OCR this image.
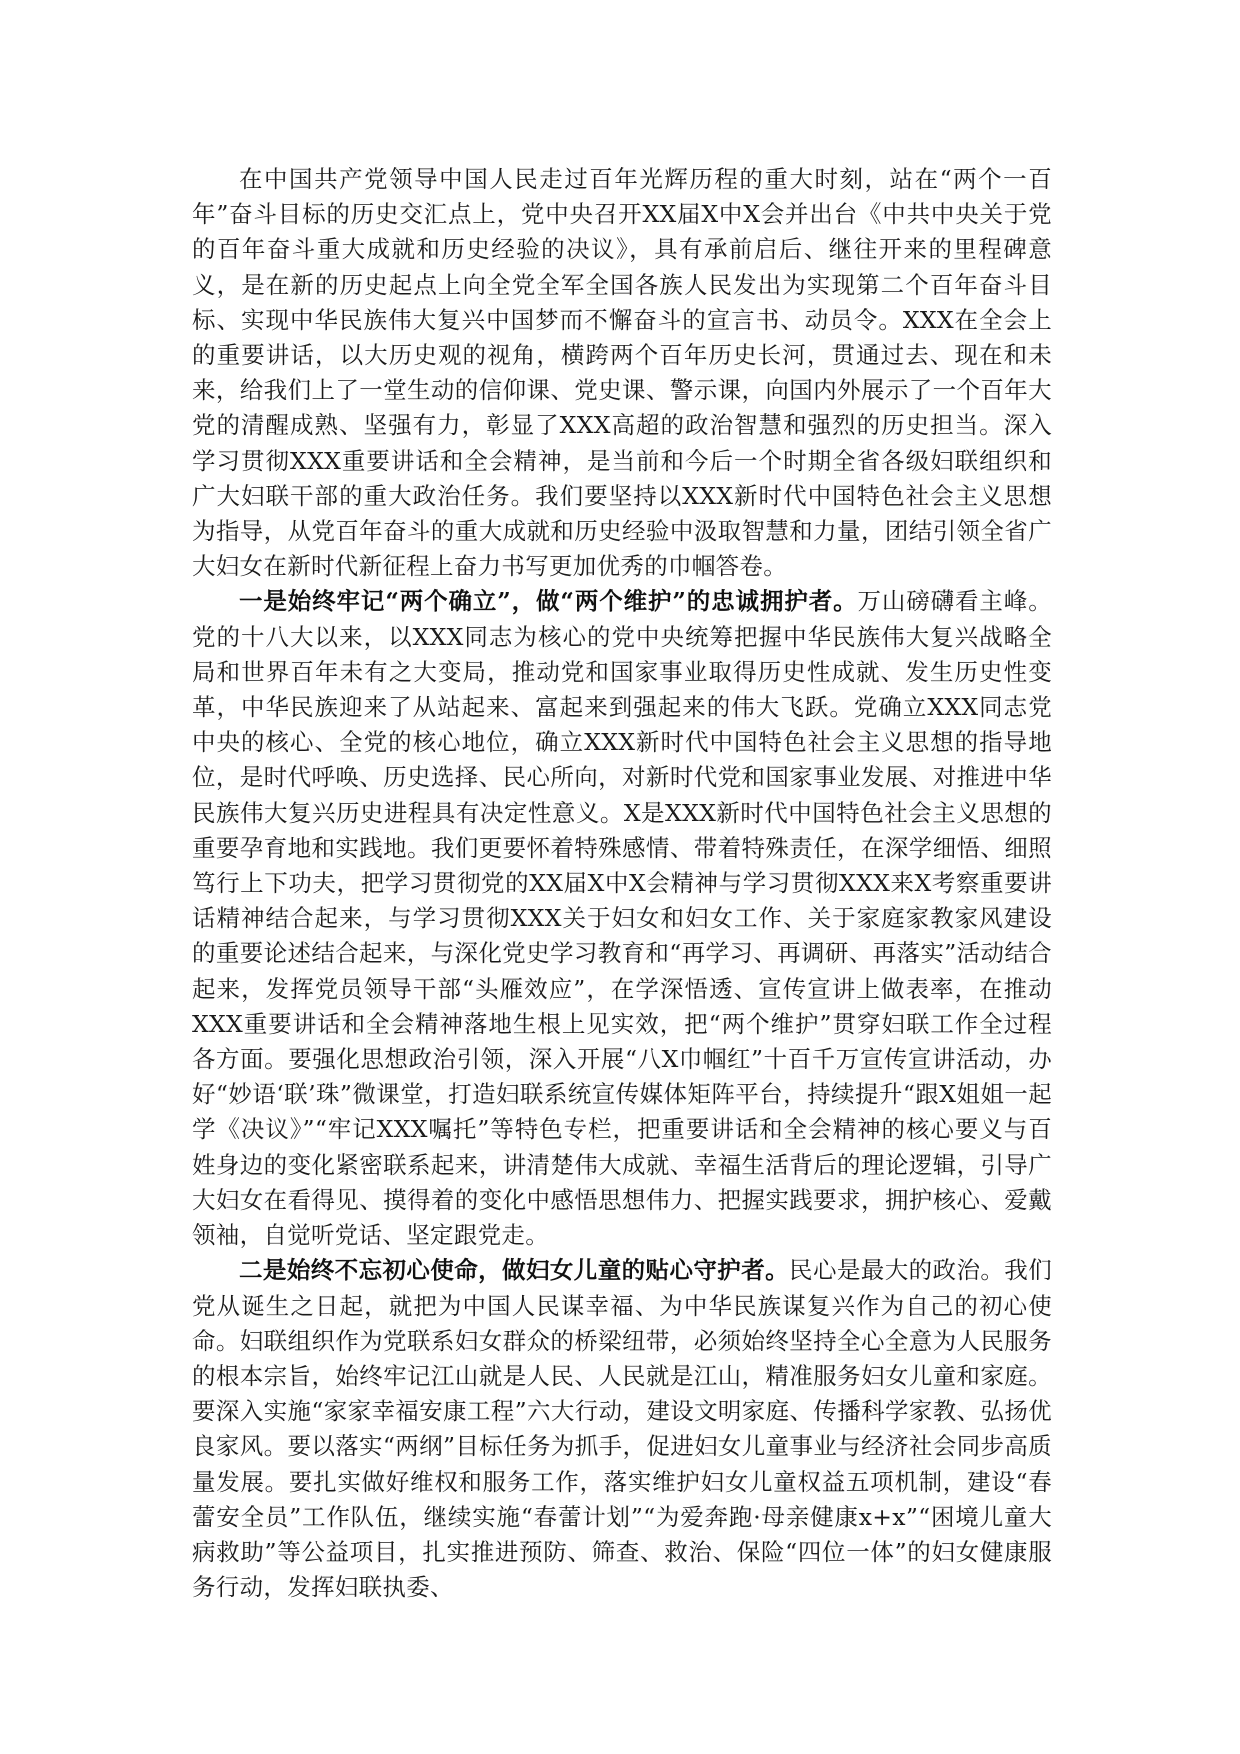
在中国共产党领导中国人民走过百年光辉历程的重大时刻，站在“两个一百年”奋斗目标的历史交汇点上，党中央召开XX届X中X会并出台《中共中央关于党的百年奋斗重大成就和历史经验的决议》，具有承前启后、继往开来的里程碑意义，是在新的历史起点上向全党全军全国各族人民发出为实现第二个百年奋斗目标、实现中华民族伟大复兴中国梦而不懈奋斗的宣言书、动员令。XXX在全会上的重要讲话，以大历史观的视角，横跨两个百年历史长河，贯通过去、现在和未来，给我们上了一堂生动的信仰课、党史课、警示课，向国内外展示了一个百年大党的清醒成熟、坚强有力，彰显了XXX高超的政治智慧和强烈的历史担当。深入学习贯彻XXX重要讲话和全会精神，是当前和今后一个时期全省各级妇联组织和广大妇联干部的重大政治任务。我们要坚持以XXX新时代中国特色社会主义思想为指导，从党百年奋斗的重大成就和历史经验中汲取智慧和力量，团结引领全省广大妇女在新时代新征程上奋力书写更加优秀的巾帼答卷。

一是始终牢记“两个确立”，做“两个维护”的忠诚拥护者。万山磅礴看主峰。党的十八大以来，以XXX同志为核心的党中央统筹把握中华民族伟大复兴战略全局和世界百年未有之大变局，推动党和国家事业取得历史性成就、发生历史性变革，中华民族迎来了从站起来、富起来到强起来的伟大飞跃。党确立XXX同志党中央的核心、全党的核心地位，确立XXX新时代中国特色社会主义思想的指导地位，是时代呼唤、历史选择、民心所向，对新时代党和国家事业发展、对推进中华民族伟大复兴历史进程具有决定性意义。X是XXX新时代中国特色社会主义思想的重要孕育地和实践地。我们更要怀着特殊感情、带着特殊责任，在深学细悟、细照笃行上下功夫，把学习贯彻党的XX届X中X会精神与学习贯彻XXX来X考察重要讲话精神结合起来，与学习贯彻XXX关于妇女和妇女工作、关于家庭家教家风建设的重要论述结合起来，与深化党史学习教育和“再学习、再调研、再落实”活动结合起来，发挥党员领导干部“头雁效应”，在学深悟透、宣传宣讲上做表率，在推动XXX重要讲话和全会精神落地生根上见实效，把“两个维护”贯穿妇联工作全过程各方面。要强化思想政治引领，深入开展“八X巾帼红”十百千万宣传宣讲活动，办好“妙语‘联’珠”微课堂，打造妇联系统宣传媒体矩阵平台，持续提升“跟X姐姐一起学《决议》”“牢记XXX嘱托”等特色专栏，把重要讲话和全会精神的核心要义与百姓身边的变化紧密联系起来，讲清楚伟大成就、幸福生活背后的理论逻辑，引导广大妇女在看得见、摸得着的变化中感悟思想伟力、把握实践要求，拥护核心、爱戴领袖，自觉听党话、坚定跟党走。

二是始终不忘初心使命，做妇女儿童的贴心守护者。民心是最大的政治。我们党从诞生之日起，就把为中国人民谋幸福、为中华民族谋复兴作为自己的初心使命。妇联组织作为党联系妇女群众的桥梁纽带，必须始终坚持全心全意为人民服务的根本宗旨，始终牢记江山就是人民、人民就是江山，精准服务妇女儿童和家庭。要深入实施“家家幸福安康工程”六大行动，建设文明家庭、传播科学家教、弘扬优良家风。要以落实“两纲”目标任务为抓手，促进妇女儿童事业与经济社会同步高质量发展。要扎实做好维权和服务工作，落实维护妇女儿童权益五项机制，建设“春蕾安全员”工作队伍，继续实施“春蕾计划”“为爱奔跑·母亲健康x+x”“困境儿童大病救助”等公益项目，扎实推进预防、筛查、救治、保险“四位一体”的妇女健康服务行动，发挥妇联执委、
